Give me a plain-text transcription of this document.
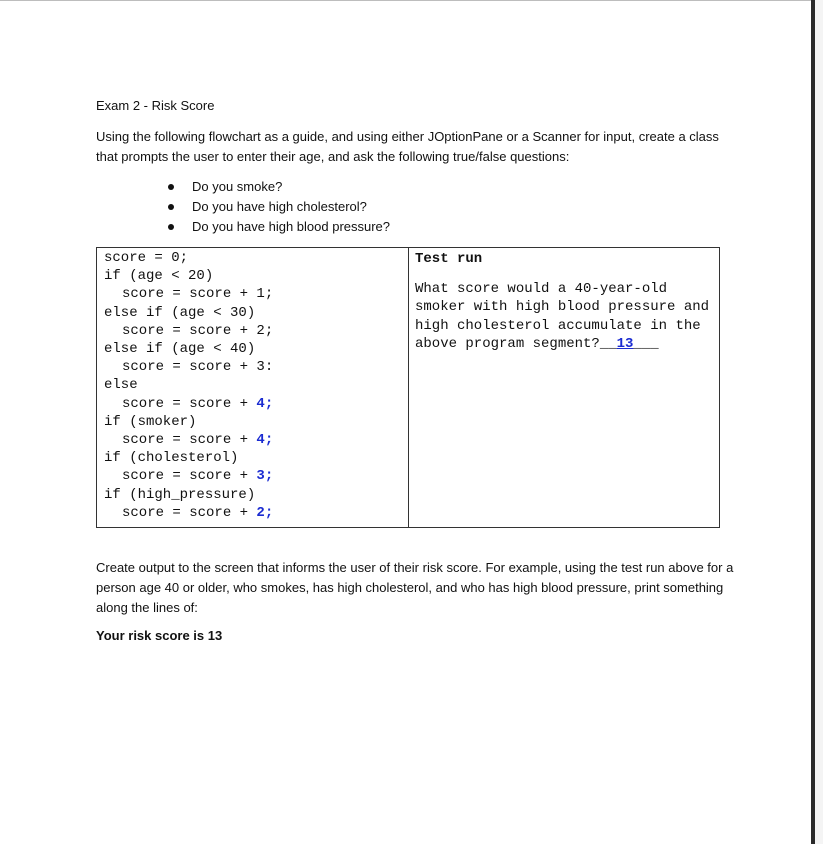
Exam 2 - Risk Score
Using the following flowchart as a guide, and using either JOptionPane or a Scanner for input, create a class that prompts the user to enter their age, and ask the following true/false questions:
Do you smoke?
Do you have high cholesterol?
Do you have high blood pressure?
score = 0;
if (age < 20)
score = score + 1;
else if (age < 30)
score = score + 2;
else if (age < 40)
score = score + 3:
else
score = score + 4;
if (smoker)
score = score + 4;
if (cholesterol)
score = score + 3;
if (high_pressure)
score = score + 2;

Test run
What score would a 40-year-old smoker with high blood pressure and high cholesterol accumulate in the above program segment?__13___
Create output to the screen that informs the user of their risk score. For example, using the test run above for a person age 40 or older, who smokes, has high cholesterol, and who has high blood pressure, print something along the lines of:
Your risk score is 13
